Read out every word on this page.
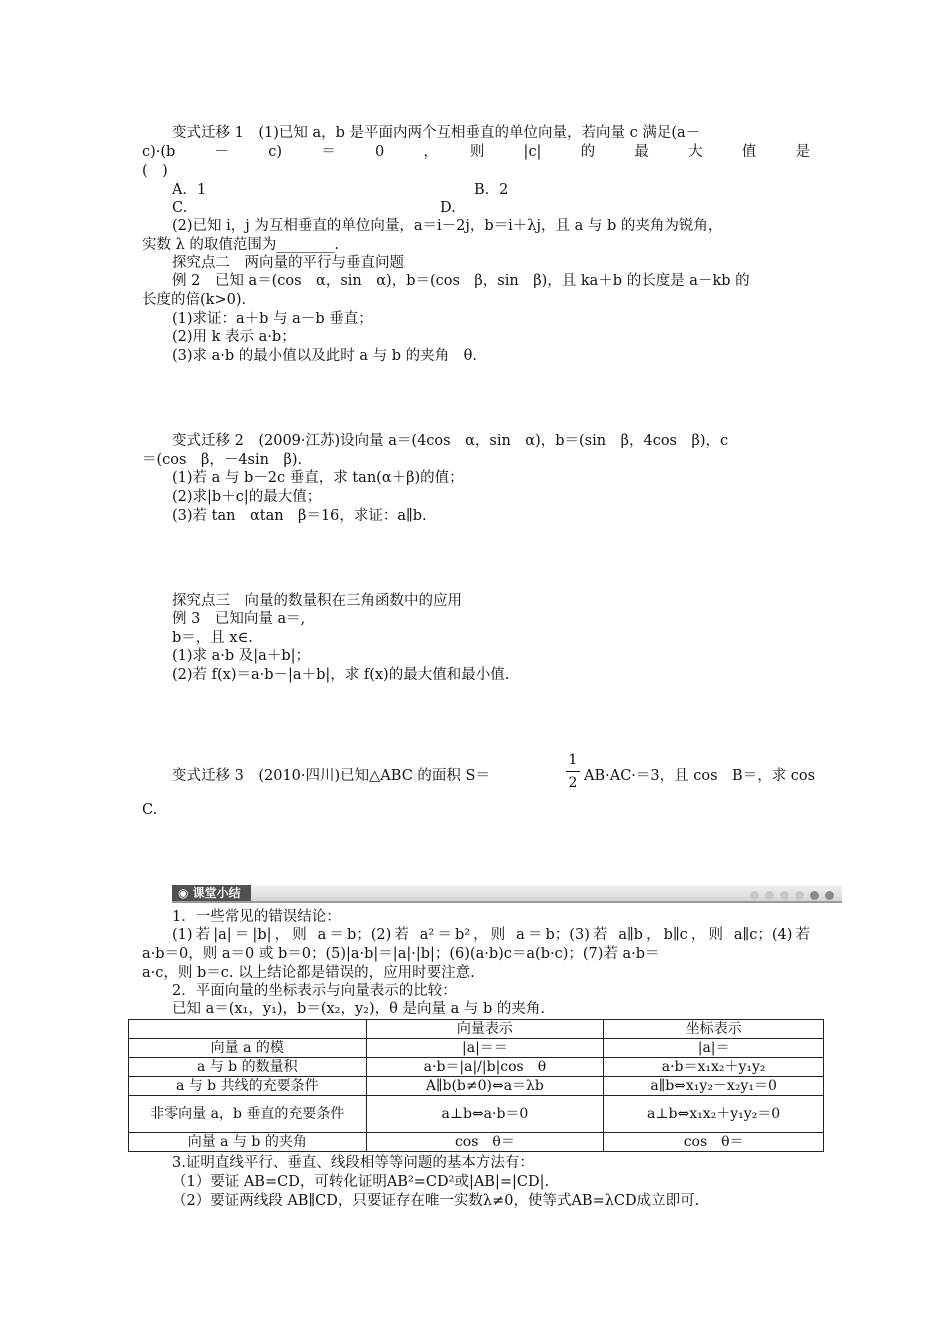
变式迁移 1　(1)已知 a，b 是平面内两个互相垂直的单位向量，若向量 c 满足(a－
c)·(b　－　c)　＝　0　，　则　|c|　的　最　大　值　是
(　)
A．1	B．2
C.	D.
(2)已知 i，j 为互相垂直的单位向量，a＝i－2j，b＝i＋λj，且 a 与 b 的夹角为锐角，
实数 λ 的取值范围为________.
探究点二　两向量的平行与垂直问题
例 2　已知 a＝(cos　α，sin　α)，b＝(cos　β，sin　β)，且 ka＋b 的长度是 a－kb 的
长度的倍(k>0)．
(1)求证：a＋b 与 a－b 垂直；
(2)用 k 表示 a·b；
(3)求 a·b 的最小值以及此时 a 与 b 的夹角　θ.
变式迁移 2　(2009·江苏)设向量 a＝(4cos　α，sin　α)，b＝(sin　β，4cos　β)，c
＝(cos　β，－4sin　β)．
(1)若 a 与 b－2c 垂直，求 tan(α＋β)的值；
(2)求|b＋c|的最大值；
(3)若 tan　αtan　β＝16，求证：a∥b.
探究点三　向量的数量积在三角函数中的应用
例 3　已知向量 a＝,
b＝，且 x∈.
(1)求 a·b 及|a＋b|；
(2)若 f(x)＝a·b－|a＋b|，求 f(x)的最大值和最小值.
变式迁移 3　(2010·四川)已知△ABC 的面积 S＝
1
2 AB·AC·＝3，且 cos　B＝，求 cos
C.
◉ 课堂小结
1．一些常见的错误结论：
(1)若|a|＝|b|，则 a＝b；(2)若 a²＝b²，则 a＝b；(3)若 a∥b，b∥c，则 a∥c；(4)若
a·b＝0，则 a＝0 或 b＝0；(5)|a·b|＝|a|·|b|；(6)(a·b)c＝a(b·c)；(7)若 a·b＝
a·c，则 b＝c. 以上结论都是错误的，应用时要注意.
2．平面向量的坐标表示与向量表示的比较：
已知 a＝(x₁，y₁)，b＝(x₂，y₂)，θ 是向量 a 与 b 的夹角.
	向量表示	坐标表示
向量 a 的模	|a|＝＝	|a|＝
a 与 b 的数量积	a·b＝|a|/|b|cos　θ	a·b＝x₁x₂＋y₁y₂
a 与 b 共线的充要条件	A∥b(b≠0)⇔a＝λb	a∥b⇔x₁y₂－x₂y₁＝0
非零向量 a，b 垂直的充要条件	a⊥b⇔a·b＝0	a⊥b⇔x₁x₂＋y₁y₂＝0
向量 a 与 b 的夹角	cos　θ＝	cos　θ＝
3.证明直线平行、垂直、线段相等等问题的基本方法有：
（1）要证 AB=CD，可转化证明AB²=CD²或|AB|=|CD|.
（2）要证两线段 AB∥CD，只要证存在唯一实数λ≠0，使等式AB=λCD成立即可.
